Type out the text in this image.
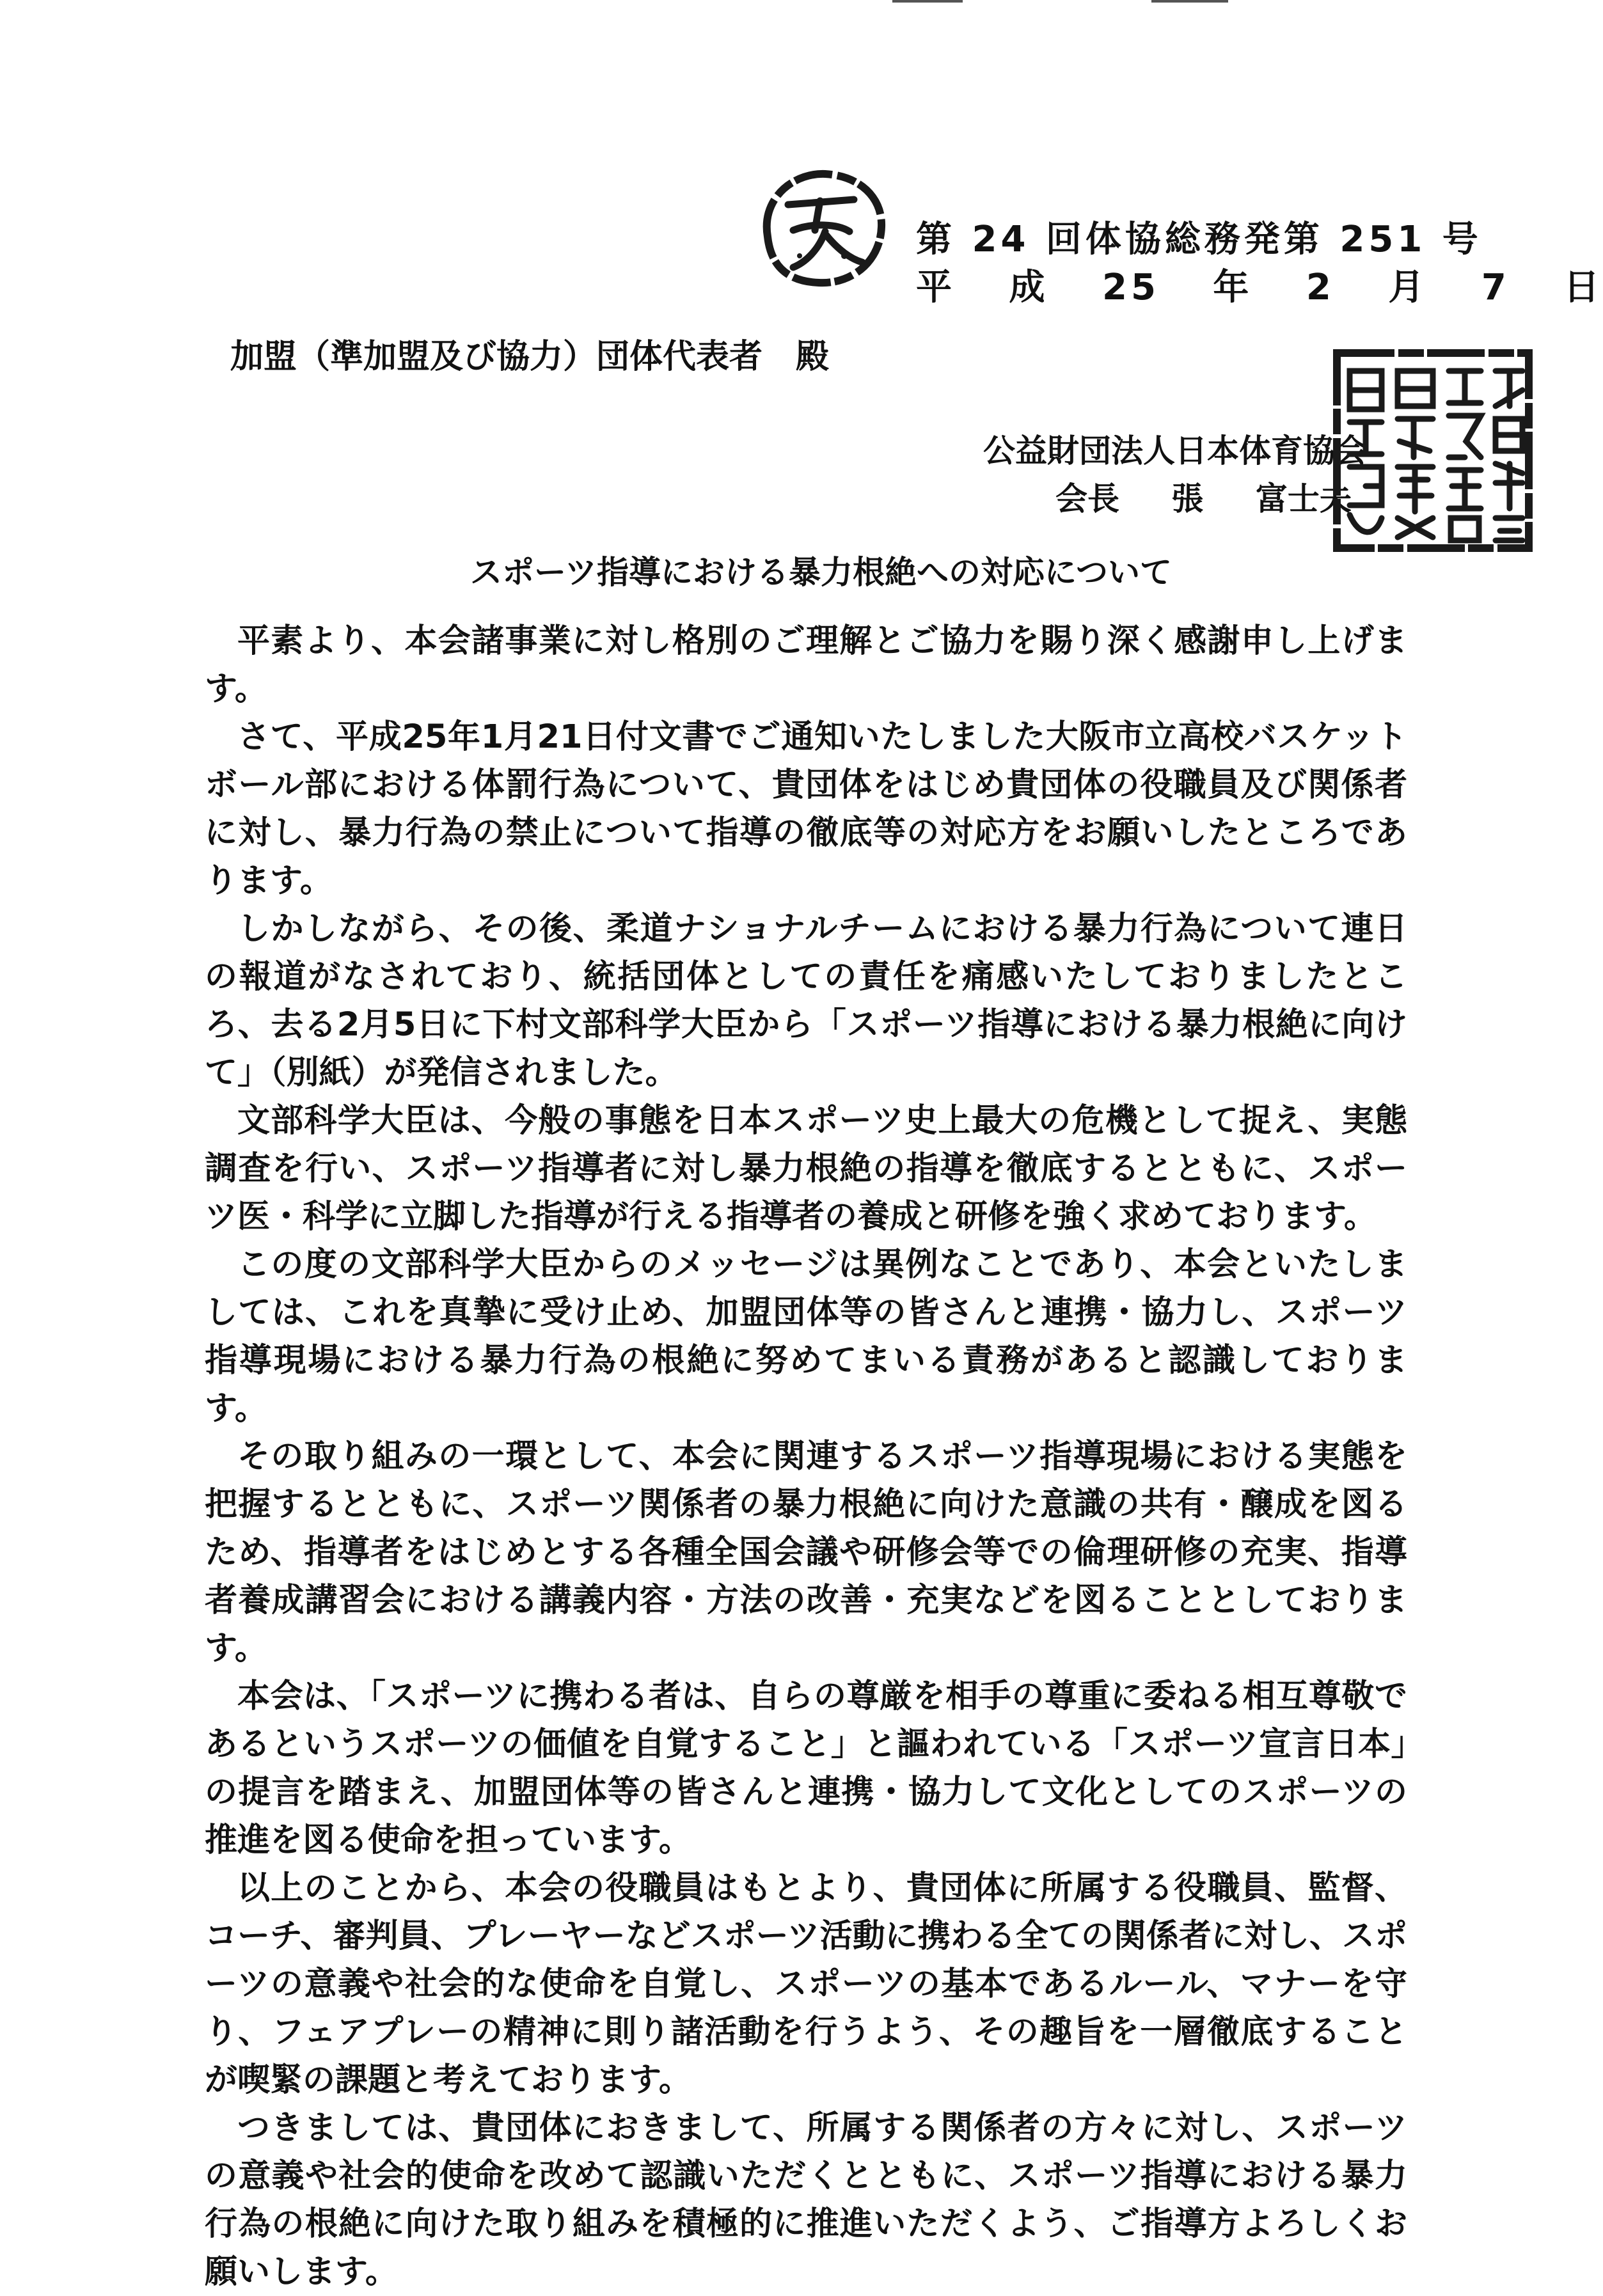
第 24 回体協総務発第 251 号
平 成 25 年 2 月 7 日
加盟（準加盟及び協力）団体代表者　殿
公益財団法人日本体育協会
会長 張 富士夫
スポーツ指導における暴力根絶への対応について

平素より、本会諸事業に対し格別のご理解とご協力を賜り深く感謝申し上げます。

さて、平成25年1月21日付文書でご通知いたしました大阪市立高校バスケットボール部における体罰行為について、貴団体をはじめ貴団体の役職員及び関係者に対し、暴力行為の禁止について指導の徹底等の対応方をお願いしたところであります。

しかしながら、その後、柔道ナショナルチームにおける暴力行為について連日の報道がなされており、統括団体としての責任を痛感いたしておりましたところ、去る2月5日に下村文部科学大臣から「スポーツ指導における暴力根絶に向けて」（別紙）が発信されました。

文部科学大臣は、今般の事態を日本スポーツ史上最大の危機として捉え、実態調査を行い、スポーツ指導者に対し暴力根絶の指導を徹底するとともに、スポーツ医・科学に立脚した指導が行える指導者の養成と研修を強く求めております。

この度の文部科学大臣からのメッセージは異例なことであり、本会といたしましては、これを真摯に受け止め、加盟団体等の皆さんと連携・協力し、スポーツ指導現場における暴力行為の根絶に努めてまいる責務があると認識しております。

その取り組みの一環として、本会に関連するスポーツ指導現場における実態を把握するとともに、スポーツ関係者の暴力根絶に向けた意識の共有・醸成を図るため、指導者をはじめとする各種全国会議や研修会等での倫理研修の充実、指導者養成講習会における講義内容・方法の改善・充実などを図ることとしております。

本会は、「スポーツに携わる者は、自らの尊厳を相手の尊重に委ねる相互尊敬であるというスポーツの価値を自覚すること」と謳われている「スポーツ宣言日本」の提言を踏まえ、加盟団体等の皆さんと連携・協力して文化としてのスポーツの推進を図る使命を担っています。

以上のことから、本会の役職員はもとより、貴団体に所属する役職員、監督、コーチ、審判員、プレーヤーなどスポーツ活動に携わる全ての関係者に対し、スポーツの意義や社会的な使命を自覚し、スポーツの基本であるルール、マナーを守り、フェアプレーの精神に則り諸活動を行うよう、その趣旨を一層徹底することが喫緊の課題と考えております。

つきましては、貴団体におきまして、所属する関係者の方々に対し、スポーツの意義や社会的使命を改めて認識いただくとともに、スポーツ指導における暴力行為の根絶に向けた取り組みを積極的に推進いただくよう、ご指導方よろしくお願いします。
